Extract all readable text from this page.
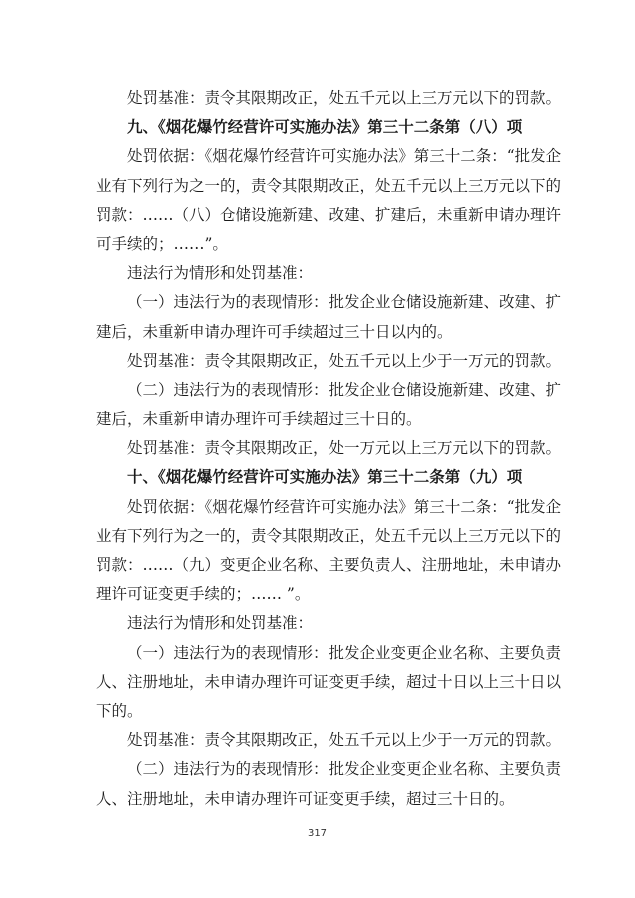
处罚基准：责令其限期改正，处五千元以上三万元以下的罚款。
九、《烟花爆竹经营许可实施办法》第三十二条第（八）项
处罚依据：《烟花爆竹经营许可实施办法》第三十二条：“批发企
业有下列行为之一的，责令其限期改正，处五千元以上三万元以下的
罚款：……（八）仓储设施新建、改建、扩建后，未重新申请办理许
可手续的；……”。
违法行为情形和处罚基准：
（一）违法行为的表现情形：批发企业仓储设施新建、改建、扩
建后，未重新申请办理许可手续超过三十日以内的。
处罚基准：责令其限期改正，处五千元以上少于一万元的罚款。
（二）违法行为的表现情形：批发企业仓储设施新建、改建、扩
建后，未重新申请办理许可手续超过三十日的。
处罚基准：责令其限期改正，处一万元以上三万元以下的罚款。
十、《烟花爆竹经营许可实施办法》第三十二条第（九）项
处罚依据：《烟花爆竹经营许可实施办法》第三十二条：“批发企
业有下列行为之一的，责令其限期改正，处五千元以上三万元以下的
罚款：……（九）变更企业名称、主要负责人、注册地址，未申请办
理许可证变更手续的；…… ”。
违法行为情形和处罚基准：
（一）违法行为的表现情形：批发企业变更企业名称、主要负责
人、注册地址，未申请办理许可证变更手续，超过十日以上三十日以
下的。
处罚基准：责令其限期改正，处五千元以上少于一万元的罚款。
（二）违法行为的表现情形：批发企业变更企业名称、主要负责
人、注册地址，未申请办理许可证变更手续，超过三十日的。
317
